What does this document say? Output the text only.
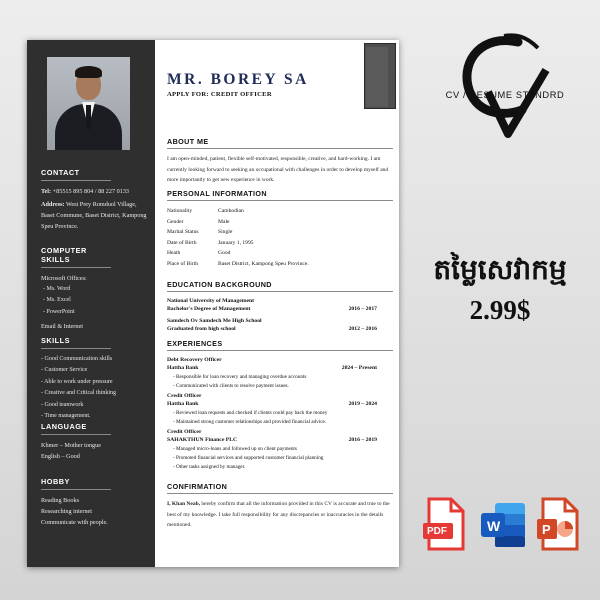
CONTACT
Tel: +85515 895 804 / 88 227 0133
Address: West Prey Romduol Village, Baset Commune, Baset District, Kampong Speu Province.
COMPUTER SKILLS
Microsoft Offices:
- Ms. Word
- Ms. Excel
- PowerPoint
Email & Internet
SKILLS
- Good Communication skills
- Customer Service
- Able to work under pressure
- Creative and Critical thinking
- Good teamwork
- Time management.
LANGUAGE
Khmer – Mother tongue
English – Good
HOBBY
Reading Books
Researching internet
Communicate with people.
MR. BOREY SA
APPLY FOR: CREDIT OFFICER
ABOUT ME
I am open-minded, patient, flexible self-motivated, responsible, creative, and hard-working. I am currently looking forward to seeking an occupational with challenges in order to develop myself and more importantly to get new experience in work.
PERSONAL INFORMATION
Nationality	Cambodian
Gender	Male
Marital Status	Single
Date of Birth	January 1, 1995
Heath	Good
Place of Birth	Baset District, Kampong Speu Province.
EDUCATION BACKGROUND
National University of Management
Bachelor's Degree of Management	2016 – 2017
Samdech Ov Samdech Me High School
Graduated from high school	2012 – 2016
EXPERIENCES
Debt Recovery Officer
Hattha Bank	2024 – Present
- Responsible for loan recovery and managing overdue accounts
- Communicated with clients to resolve payment issues.
Credit Officer
Hattha Bank	2019 – 2024
- Reviewed loan requests and checked if clients could pay back the money
- Maintained strong customer relationships and provided financial advice.
Credit Officer
SAHAKTHUN Finance PLC	2016 – 2019
- Managed micro-loans and followed up on client payments
- Promoted financial services and supported customer financial planning
- Other tasks assigned by manager.
CONFIRMATION
I, Khan Neab, hereby confirm that all the information provided in this CV is accurate and true to the best of my knowledge. I take full responsibility for any discrepancies or inaccuracies in the details mentioned.
CV / RESUME STANDRD
តម្លៃសេវាកម្ម
2.99$
PDF	W	P
